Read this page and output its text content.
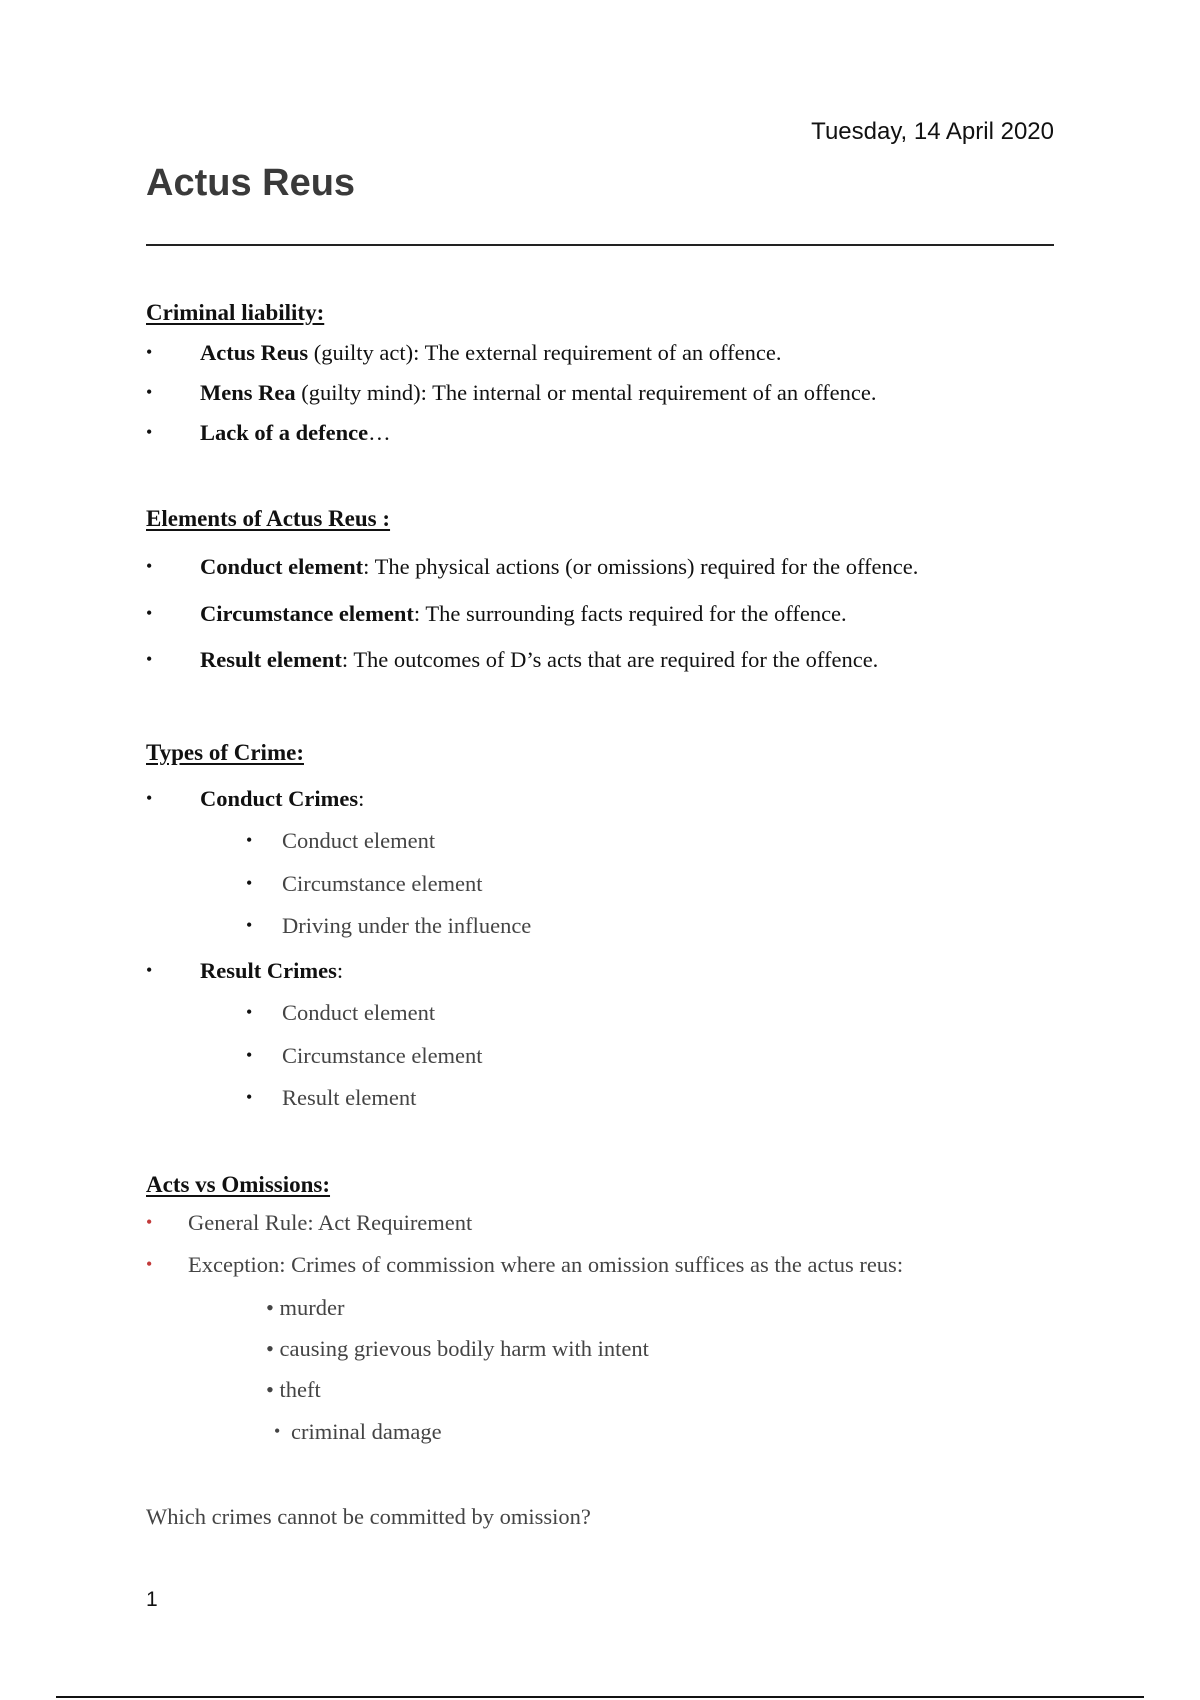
Tuesday, 14 April 2020
Actus Reus
Criminal liability:
• Actus Reus (guilty act): The external requirement of an offence.
• Mens Rea (guilty mind): The internal or mental requirement of an offence.
• Lack of a defence…
Elements of Actus Reus :
• Conduct element: The physical actions (or omissions) required for the offence.
• Circumstance element: The surrounding facts required for the offence.
• Result element: The outcomes of D’s acts that are required for the offence.
Types of Crime:
• Conduct Crimes:
• Conduct element
• Circumstance element
• Driving under the influence
• Result Crimes:
• Conduct element
• Circumstance element
• Result element
Acts vs Omissions:
• General Rule: Act Requirement
• Exception: Crimes of commission where an omission suffices as the actus reus:
• murder
• causing grievous bodily harm with intent
• theft
• criminal damage
Which crimes cannot be committed by omission?
1
